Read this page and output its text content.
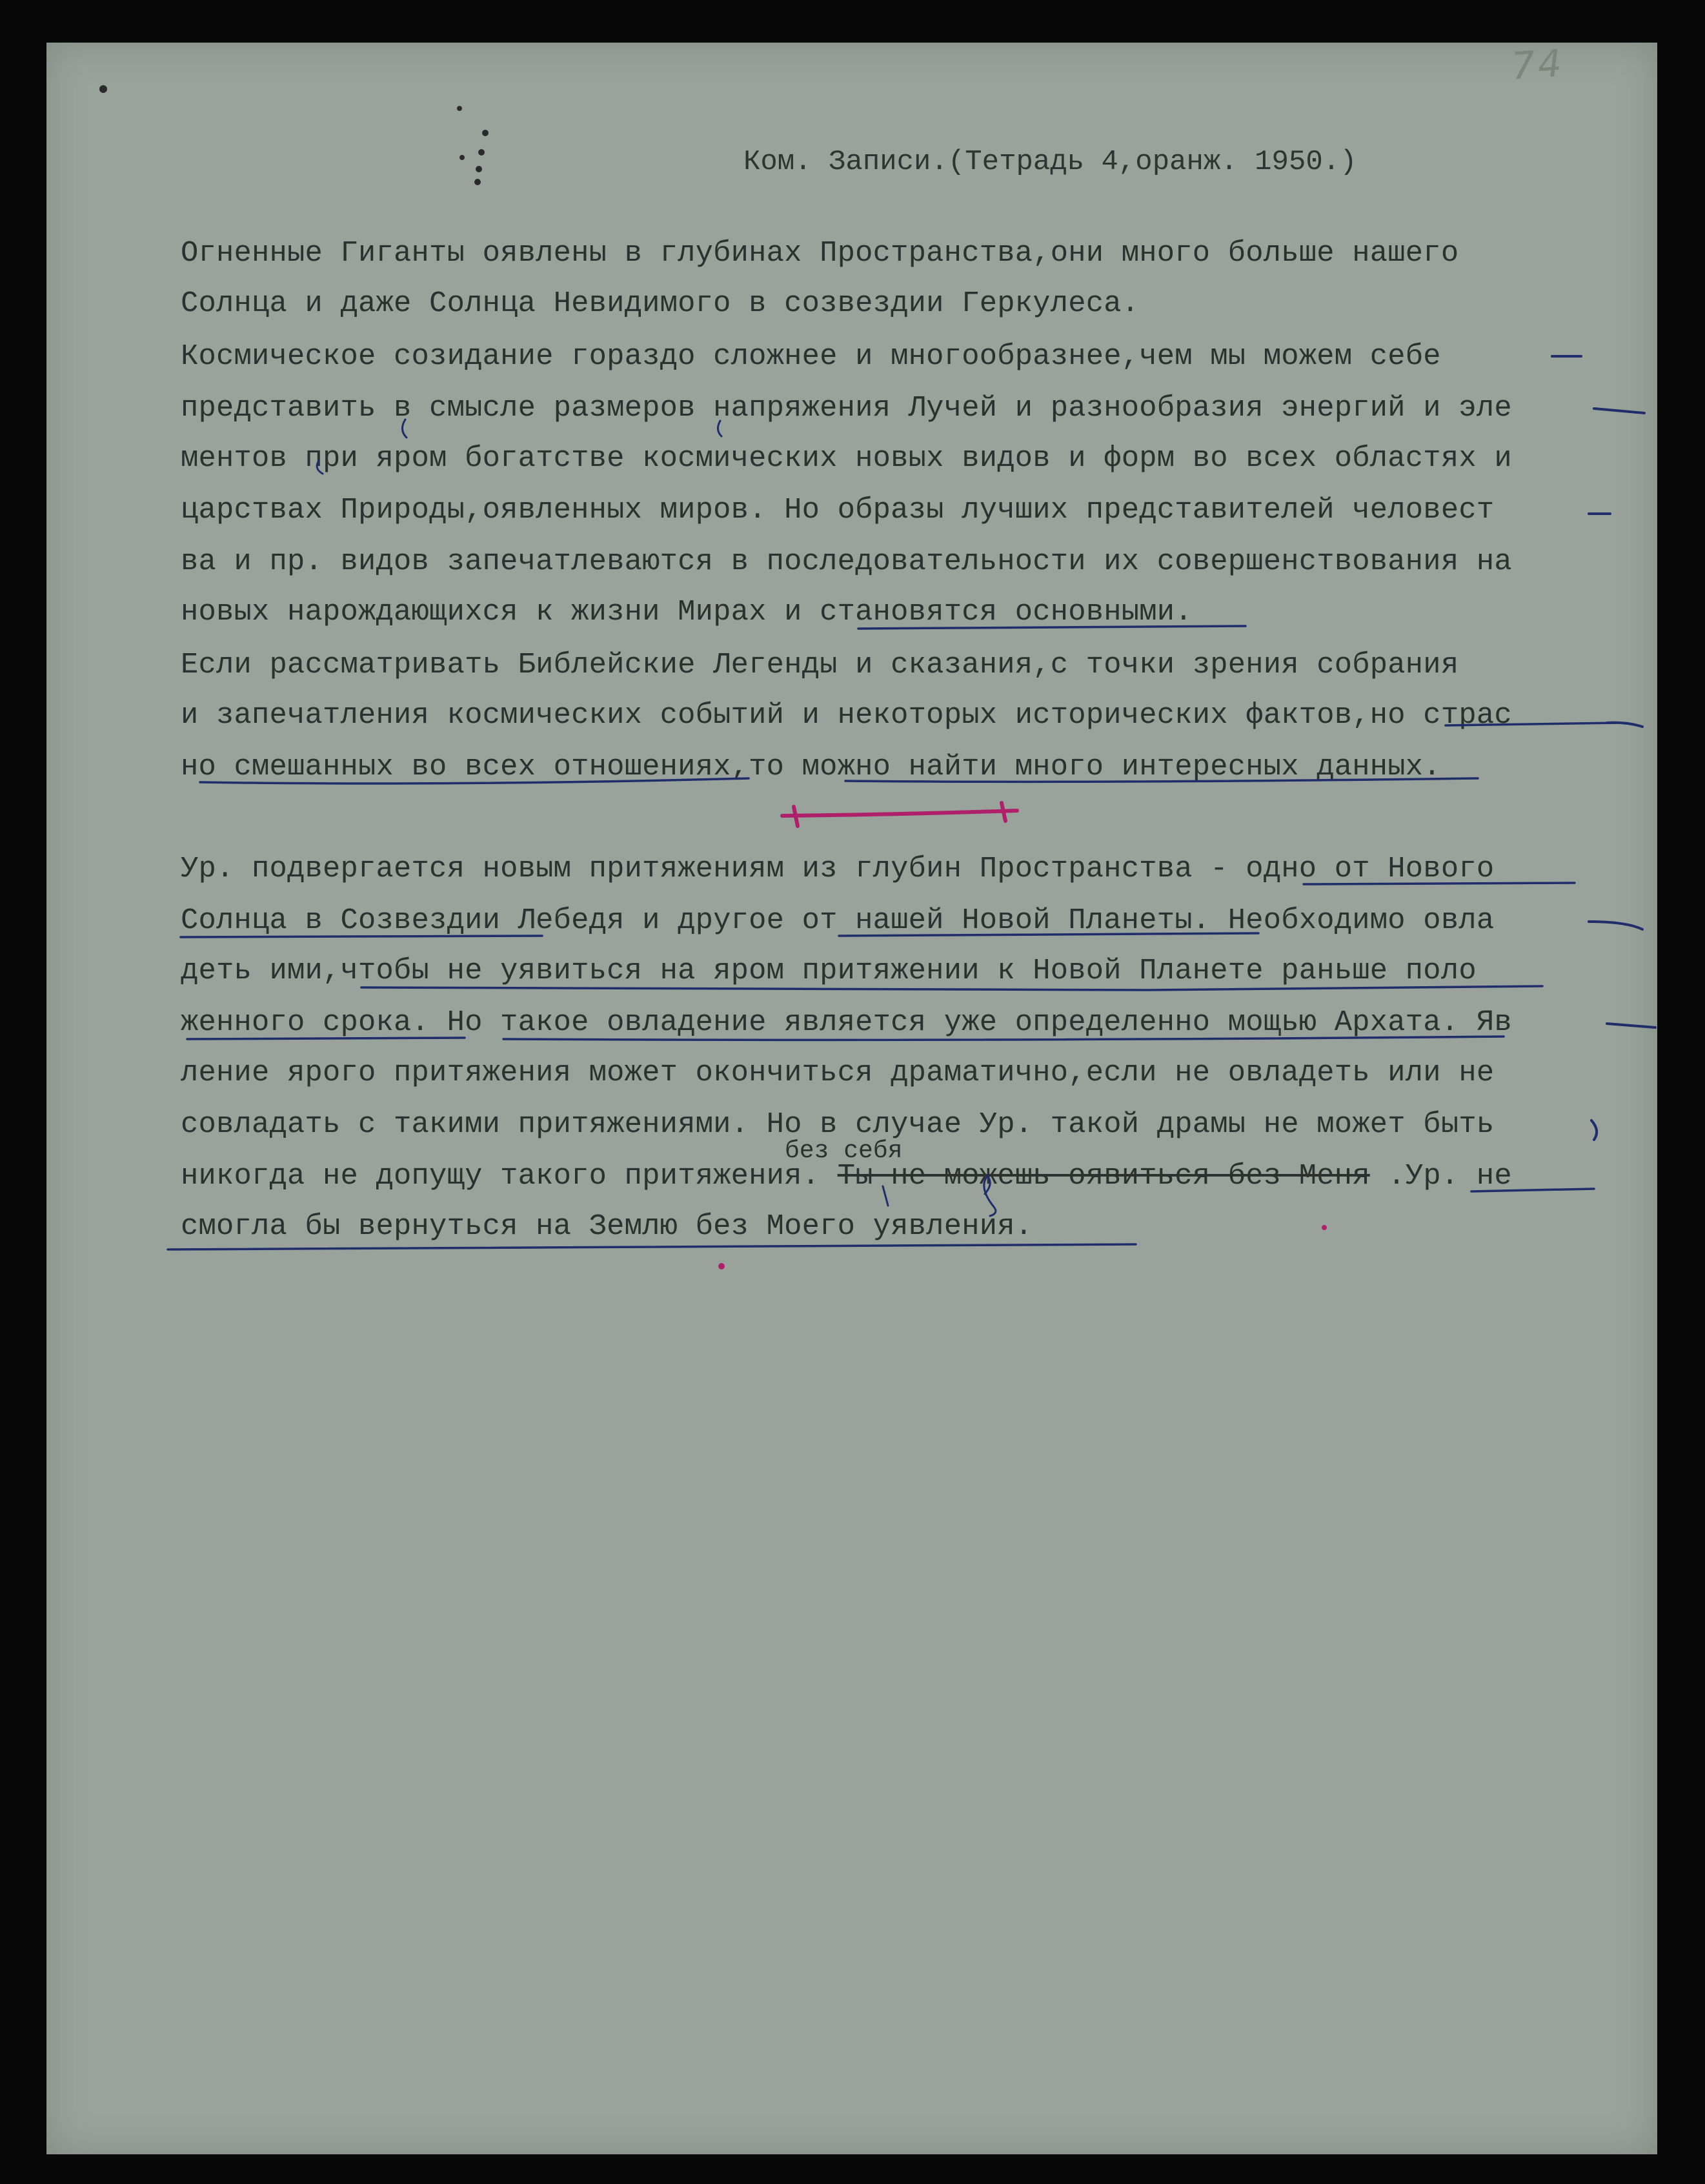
74
Ком. Записи.(Тетрадь 4,оранж. 1950.)
Огненные Гиганты оявлены в глубинах Пространства,они много больше нашего
Солнца и даже Солнца Невидимого в созвездии Геркулеса.
Космическое созидание гораздо сложнее и многообразнее,чем мы можем себе
представить в смысле размеров напряжения Лучей и разнообразия энергий и эле
ментов при яром богатстве космических новых видов и форм во всех областях и
царствах Природы,оявленных миров. Но образы лучших представителей человест
ва и пр. видов запечатлеваются в последовательности их совершенствования на
новых нарождающихся к жизни Мирах и становятся основными.
Если рассматривать Библейские Легенды и сказания,с точки зрения собрания
и запечатления космических событий и некоторых исторических фактов,но страс
но смешанных во всех отношениях,то можно найти много интересных данных.
Ур. подвергается новым притяжениям из глубин Пространства - одно от Нового
Солнца в Созвездии Лебедя и другое от нашей Новой Планеты. Необходимо овла
деть ими,чтобы не уявиться на яром притяжении к Новой Планете раньше поло
женного срока. Но такое овладение является уже определенно мощью Архата. Яв
ление ярого притяжения может окончиться драматично,если не овладеть или не
совладать с такими притяжениями. Но в случае Ур. такой драмы не может быть
без себя
никогда не допущу такого притяжения. Ты не можешь оявиться без Меня .Ур. не
смогла бы вернуться на Землю без Моего уявления.
